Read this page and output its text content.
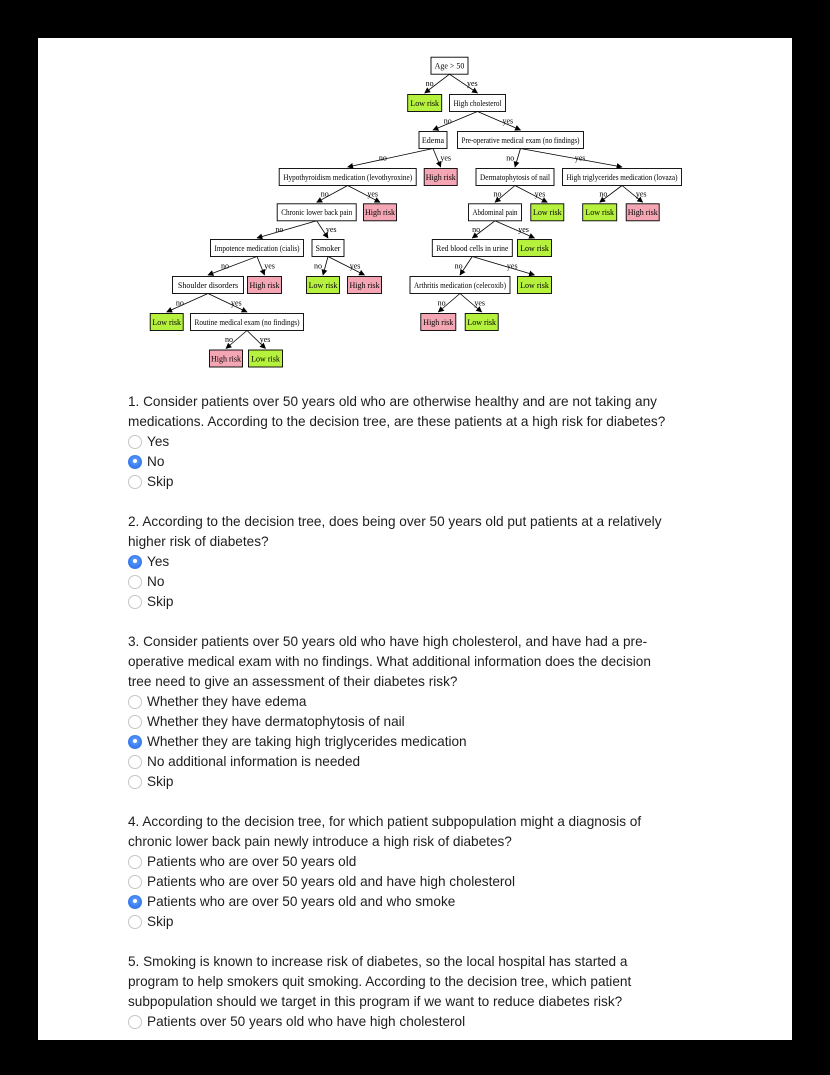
no	yes
no	yes
no	yes	no	yes
no	yes	no	yes	no	yes
no	yes	no	yes
no	yes	no	yes	no	yes
no	yes	no	yes
no	yes
Age > 50
Low risk High cholesterol
Edema Pre-operative medical exam (no findings)
Hypothyroidism medication (levothyroxine) High risk	Dermatophytosis of nail High triglycerides medication (lovaza)
Chronic lower back pain High risk	Abdominal pain Low risk	Low risk High risk
Impotence medication (cialis) Smoker	Red blood cells in urine Low risk
Shoulder disorders High risk	Low risk High risk	Arthritis medication (celecoxib) Low risk
Low risk Routine medical exam (no findings)	High risk Low risk
High risk Low risk

1. Consider patients over 50 years old who are otherwise healthy and are not taking any
medications. According to the decision tree, are these patients at a high risk for diabetes?

Yes
No
Skip

2. According to the decision tree, does being over 50 years old put patients at a relatively
higher risk of diabetes?

Yes
No
Skip

3. Consider patients over 50 years old who have high cholesterol, and have had a pre-
operative medical exam with no findings. What additional information does the decision
tree need to give an assessment of their diabetes risk?

Whether they have edema
Whether they have dermatophytosis of nail
Whether they are taking high triglycerides medication
No additional information is needed
Skip

4. According to the decision tree, for which patient subpopulation might a diagnosis of
chronic lower back pain newly introduce a high risk of diabetes?

Patients who are over 50 years old
Patients who are over 50 years old and have high cholesterol
Patients who are over 50 years old and who smoke
Skip

5. Smoking is known to increase risk of diabetes, so the local hospital has started a
program to help smokers quit smoking. According to the decision tree, which patient
subpopulation should we target in this program if we want to reduce diabetes risk?

Patients over 50 years old who have high cholesterol
